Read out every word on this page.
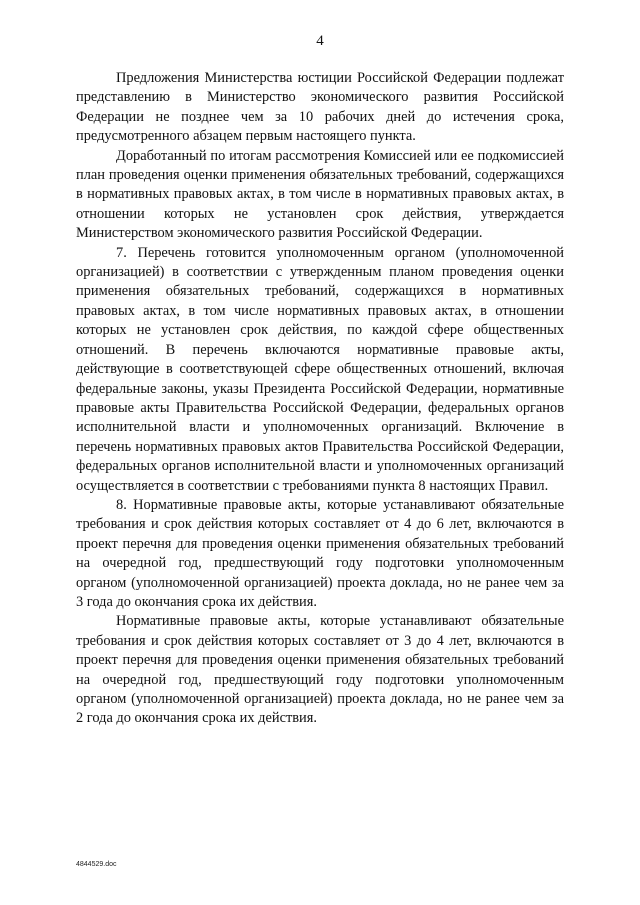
4

Предложения Министерства юстиции Российской Федерации подлежат представлению в Министерство экономического развития Российской Федерации не позднее чем за 10 рабочих дней до истечения срока, предусмотренного абзацем первым настоящего пункта.

Доработанный по итогам рассмотрения Комиссией или ее подкомиссией план проведения оценки применения обязательных требований, содержащихся в нормативных правовых актах, в том числе в нормативных правовых актах, в отношении которых не установлен срок действия, утверждается Министерством экономического развития Российской Федерации.

7. Перечень готовится уполномоченным органом (уполномоченной организацией) в соответствии с утвержденным планом проведения оценки применения обязательных требований, содержащихся в нормативных правовых актах, в том числе нормативных правовых актах, в отношении которых не установлен срок действия, по каждой сфере общественных отношений. В перечень включаются нормативные правовые акты, действующие в соответствующей сфере общественных отношений, включая федеральные законы, указы Президента Российской Федерации, нормативные правовые акты Правительства Российской Федерации, федеральных органов исполнительной власти и уполномоченных организаций. Включение в перечень нормативных правовых актов Правительства Российской Федерации, федеральных органов исполнительной власти и уполномоченных организаций осуществляется в соответствии с требованиями пункта 8 настоящих Правил.

8. Нормативные правовые акты, которые устанавливают обязательные требования и срок действия которых составляет от 4 до 6 лет, включаются в проект перечня для проведения оценки применения обязательных требований на очередной год, предшествующий году подготовки уполномоченным органом (уполномоченной организацией) проекта доклада, но не ранее чем за 3 года до окончания срока их действия.

Нормативные правовые акты, которые устанавливают обязательные требования и срок действия которых составляет от 3 до 4 лет, включаются в проект перечня для проведения оценки применения обязательных требований на очередной год, предшествующий году подготовки уполномоченным органом (уполномоченной организацией) проекта доклада, но не ранее чем за 2 года до окончания срока их действия.

4844529.doc
